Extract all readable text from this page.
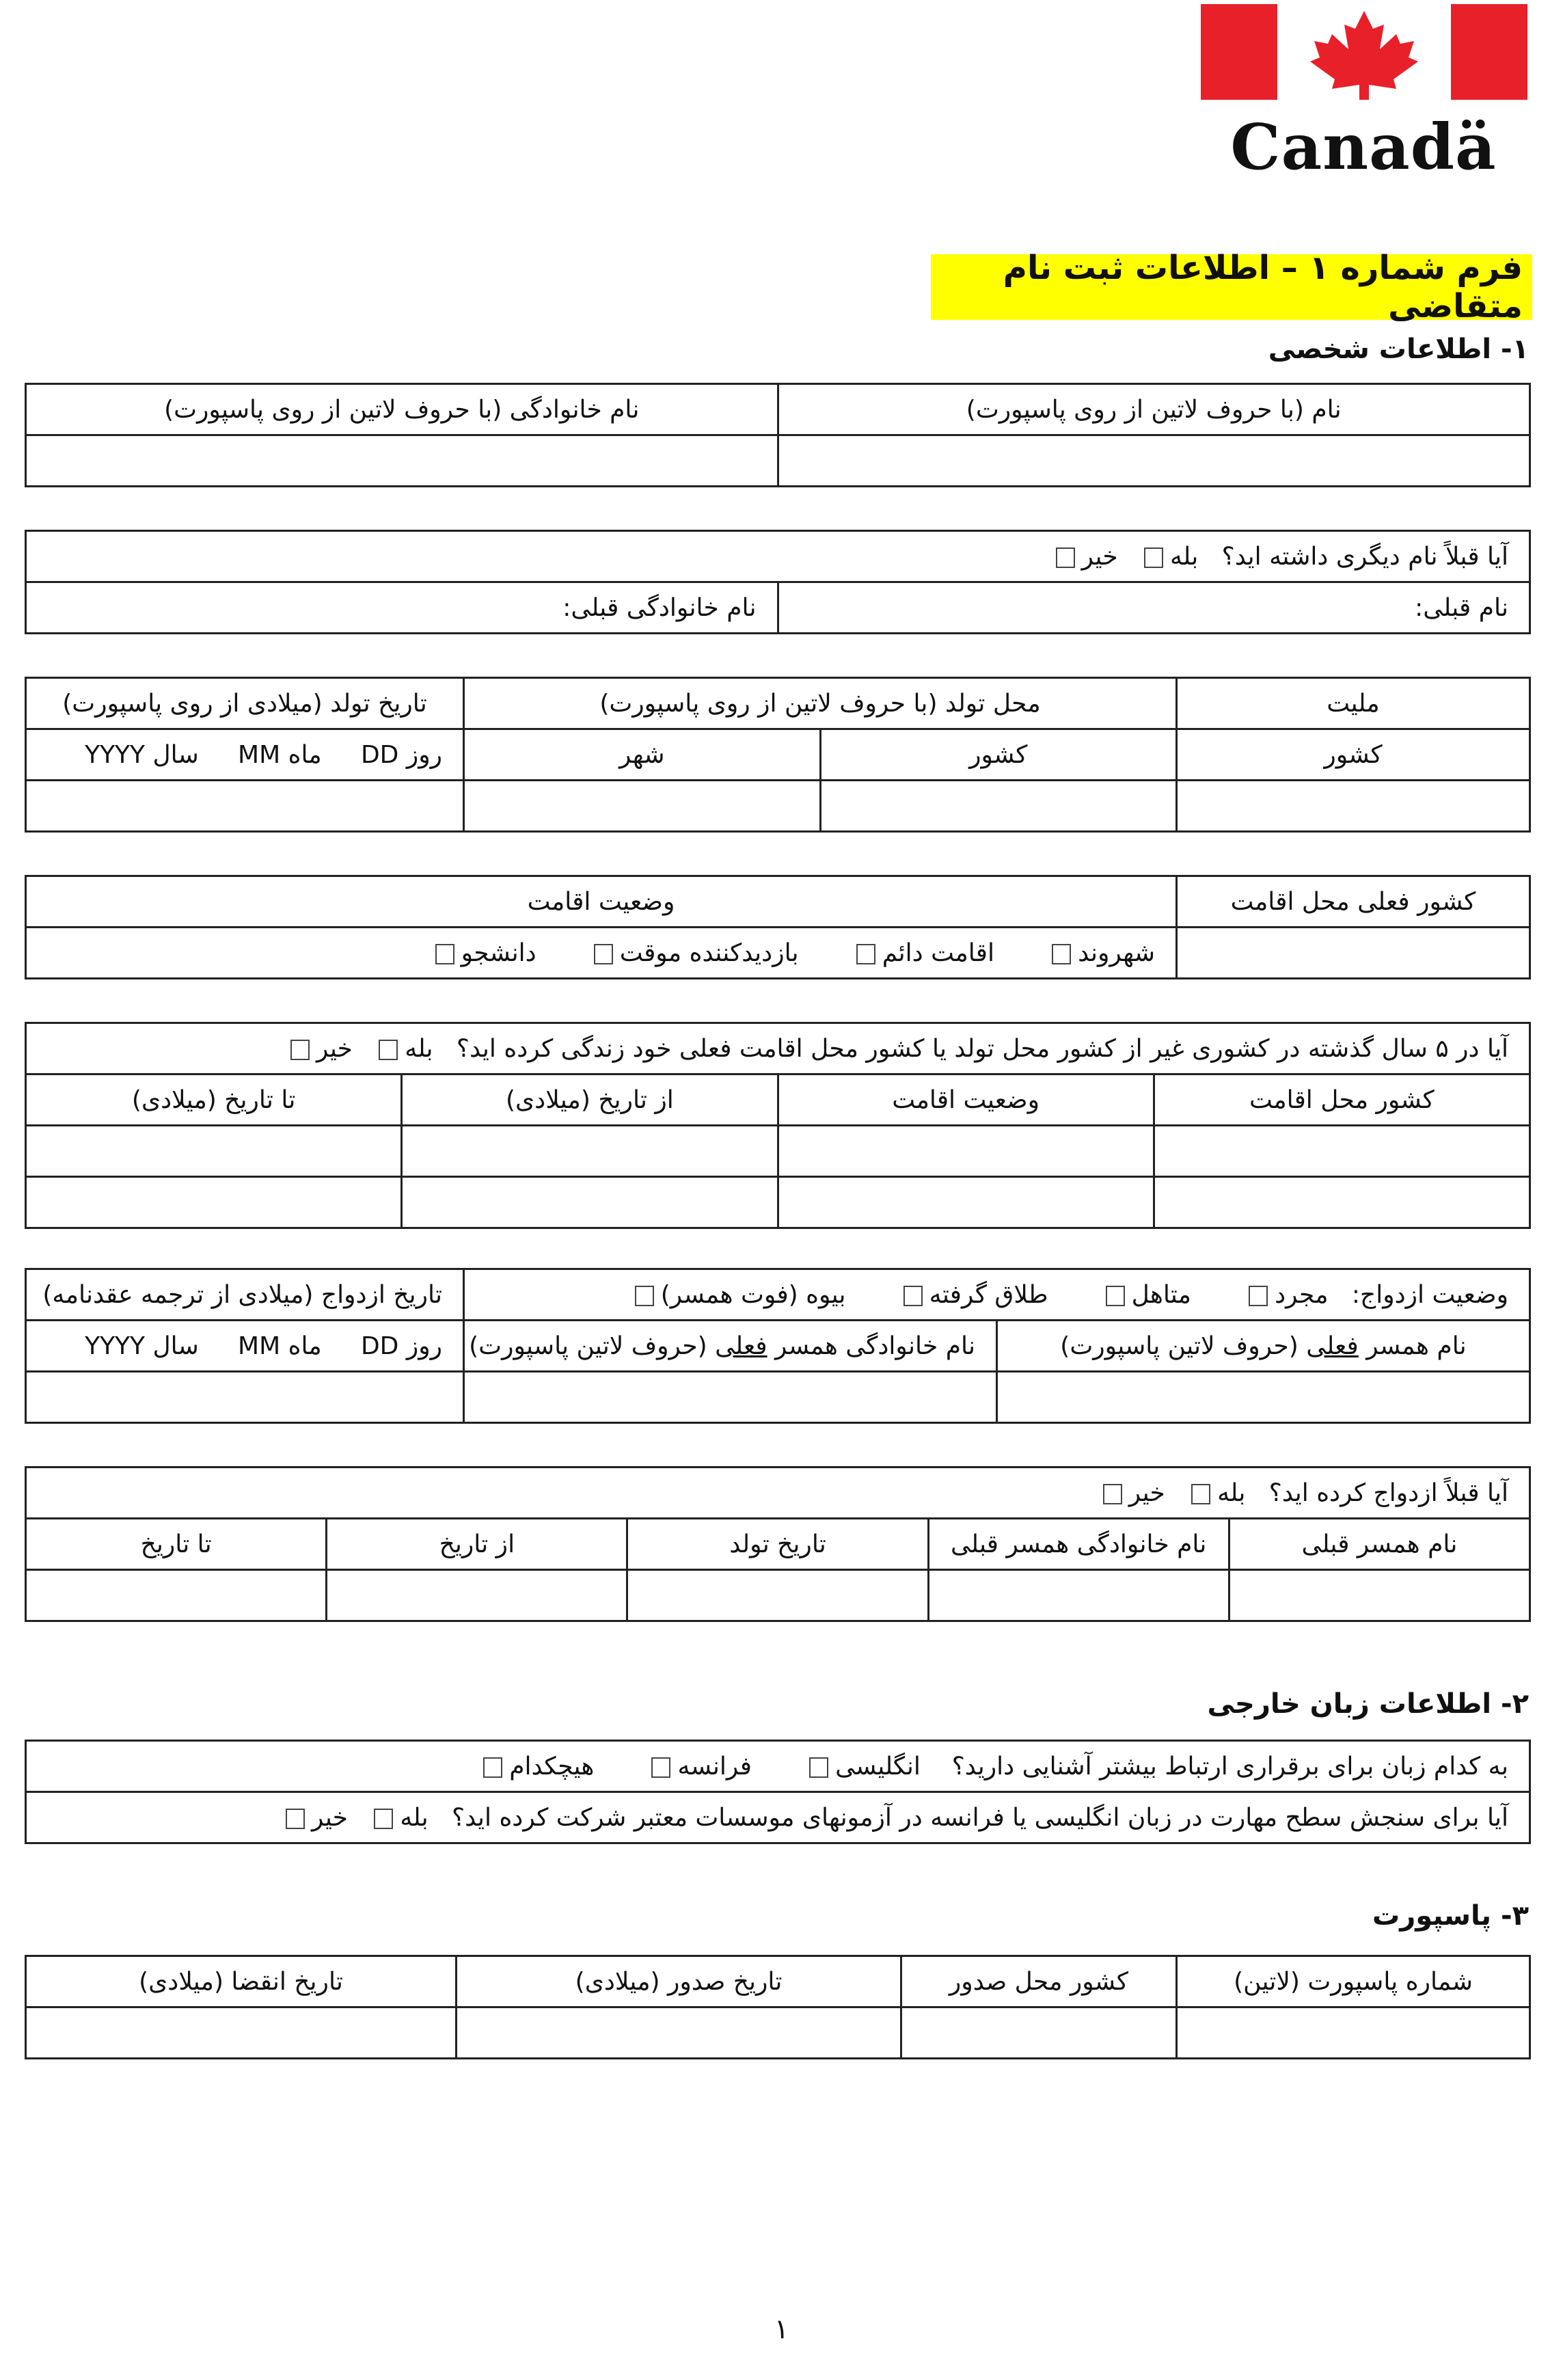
Canadä
فرم شماره ۱ – اطلاعات ثبت نام متقاضی
۱- اطلاعات شخصی
نام (با حروف لاتین از روی پاسپورت)	نام خانوادگی (با حروف لاتین از روی پاسپورت)

آیا قبلاً نام دیگری داشته اید؟   بله   خیر
نام قبلی:	نام خانوادگی قبلی:
ملیت	محل تولد (با حروف لاتین از روی پاسپورت)		تاریخ تولد (میلادی از روی پاسپورت)
کشور	کشور	شهر	روز DD     ماه MM     سال YYYY

کشور فعلی محل اقامت	وضعیت اقامت
	شهروند       اقامت دائم       بازدیدکننده موقت       دانشجو
آیا در ۵ سال گذشته در کشوری غیر از کشور محل تولد یا کشور محل اقامت فعلی خود زندگی کرده اید؟   بله   خیر			
کشور محل اقامت	وضعیت اقامت	از تاریخ (میلادی)	تا تاریخ (میلادی)

وضعیت ازدواج:   مجرد       متاهل       طلاق گرفته       بیوه (فوت همسر)		تاریخ ازدواج (میلادی از ترجمه عقدنامه)
نام همسر فعلی (حروف لاتین پاسپورت)	نام خانوادگی همسر فعلی (حروف لاتین پاسپورت)	روز DD     ماه MM     سال YYYY

آیا قبلاً ازدواج کرده اید؟   بله   خیر				
نام همسر قبلی	نام خانوادگی همسر قبلی	تاریخ تولد	از تاریخ	تا تاریخ

۲- اطلاعات زبان خارجی
به کدام زبان برای برقراری ارتباط بیشتر آشنایی دارید؟    انگلیسی       فرانسه       هیچکدام
آیا برای سنجش سطح مهارت در زبان انگلیسی یا فرانسه در آزمونهای موسسات معتبر شرکت کرده اید؟   بله   خیر
۳- پاسپورت
شماره پاسپورت (لاتین)	کشور محل صدور	تاریخ صدور (میلادی)	تاریخ انقضا (میلادی)

۱
